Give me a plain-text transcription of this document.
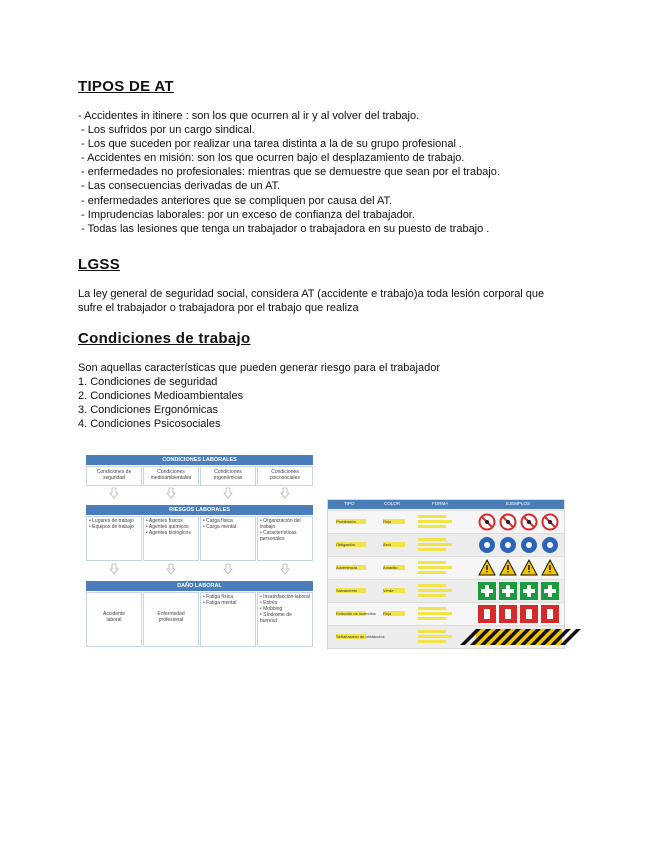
TIPOS DE AT
- Accidentes in itinere : son los que ocurren al ir y al volver del trabajo.
- Los sufridos por un cargo sindical.
- Los que suceden por realizar una tarea distinta a la de su grupo profesional .
- Accidentes en misión: son los que ocurren bajo el desplazamiento de trabajo.
- enfermedades no profesionales: mientras que se demuestre que sean por el trabajo.
- Las consecuencias derivadas de un AT.
- enfermedades anteriores que se compliquen por causa del AT.
- Imprudencias laborales: por un exceso de confianza del trabajador.
- Todas las lesiones que tenga un trabajador o trabajadora en su puesto de trabajo .
LGSS
La ley general de seguridad social, considera AT (accidente e trabajo)a toda lesión corporal que
sufre el trabajador o trabajadora por el trabajo que realiza
Condiciones de trabajo
Son aquellas características que pueden generar riesgo para el trabajador
1. Condiciones de seguridad
2. Condiciones Medioambientales
3. Condiciones Ergonómicas
4. Condiciones Psicosociales
CONDICIONES LABORALES
Condiciones de seguridad
Condiciones medioambientales
Condiciones ergonómicas
Condiciones psicosociales
RIESGOS LABORALES
• Lugares de trabajo
• Equipos de trabajo
• Agentes físicos
• Agentes químicos
• Agentes biológicos
• Carga física
• Carga mental
• Organización del trabajo
• Características personales
DAÑO LABORAL
Accidente
laboral
Enfermedad
profesional
• Fatiga física
• Fatiga mental
• Insatisfacción laboral
• Estrés
• Mobbing
• Síndrome de burnout
TIPO	COLOR	FORMA	EJEMPLOS
Prohibición	Rojo
Obligación	Azul
Advertencia	Amarillo
Salvamento	Verde
Extinción de incendios Rojo
Señalización de obstáculos
